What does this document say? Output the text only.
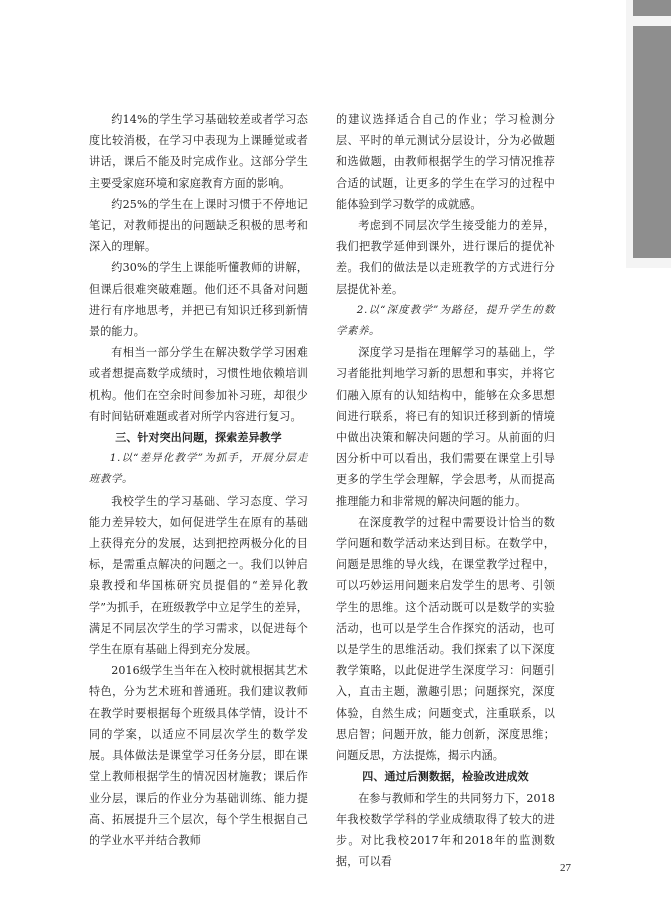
约14%的学生学习基础较差或者学习态度比较消极，在学习中表现为上课睡觉或者讲话，课后不能及时完成作业。这部分学生主要受家庭环境和家庭教育方面的影响。

约25%的学生在上课时习惯于不停地记笔记，对教师提出的问题缺乏积极的思考和深入的理解。

约30%的学生上课能听懂教师的讲解，但课后很难突破难题。他们还不具备对问题进行有序地思考，并把已有知识迁移到新情景的能力。

有相当一部分学生在解决数学学习困难或者想提高数学成绩时，习惯性地依赖培训机构。他们在空余时间参加补习班，却很少有时间钻研难题或者对所学内容进行复习。

三、针对突出问题，探索差异教学

1.以“差异化教学”为抓手，开展分层走班教学。

我校学生的学习基础、学习态度、学习能力差异较大，如何促进学生在原有的基础上获得充分的发展，达到把控两极分化的目标，是需重点解决的问题之一。我们以钟启泉教授和华国栋研究员提倡的“差异化教学”为抓手，在班级教学中立足学生的差异，满足不同层次学生的学习需求，以促进每个学生在原有基础上得到充分发展。

2016级学生当年在入校时就根据其艺术特色，分为艺术班和普通班。我们建议教师在教学时要根据每个班级具体学情，设计不同的学案，以适应不同层次学生的数学发展。具体做法是课堂学习任务分层，即在课堂上教师根据学生的情况因材施教；课后作业分层，课后的作业分为基础训练、能力提高、拓展提升三个层次，每个学生根据自己的学业水平并结合教师

的建议选择适合自己的作业；学习检测分层、平时的单元测试分层设计，分为必做题和选做题，由教师根据学生的学习情况推荐合适的试题，让更多的学生在学习的过程中能体验到学习数学的成就感。

考虑到不同层次学生接受能力的差异，我们把教学延伸到课外，进行课后的提优补差。我们的做法是以走班教学的方式进行分层提优补差。

2.以“深度教学”为路径，提升学生的数学素养。

深度学习是指在理解学习的基础上，学习者能批判地学习新的思想和事实，并将它们融入原有的认知结构中，能够在众多思想间进行联系，将已有的知识迁移到新的情境中做出决策和解决问题的学习。从前面的归因分析中可以看出，我们需要在课堂上引导更多的学生学会理解，学会思考，从而提高推理能力和非常规的解决问题的能力。

在深度教学的过程中需要设计恰当的数学问题和数学活动来达到目标。在数学中，问题是思维的导火线，在课堂教学过程中，可以巧妙运用问题来启发学生的思考、引领学生的思维。这个活动既可以是数学的实验活动，也可以是学生合作探究的活动，也可以是学生的思维活动。我们探索了以下深度教学策略，以此促进学生深度学习：问题引入，直击主题，激趣引思；问题探究，深度体验，自然生成；问题变式，注重联系，以思启智；问题开放，能力创新，深度思维；问题反思，方法提炼，揭示内涵。

四、通过后测数据，检验改进成效

在参与教师和学生的共同努力下，2018年我校数学学科的学业成绩取得了较大的进步。对比我校2017年和2018年的监测数据，可以看	27
